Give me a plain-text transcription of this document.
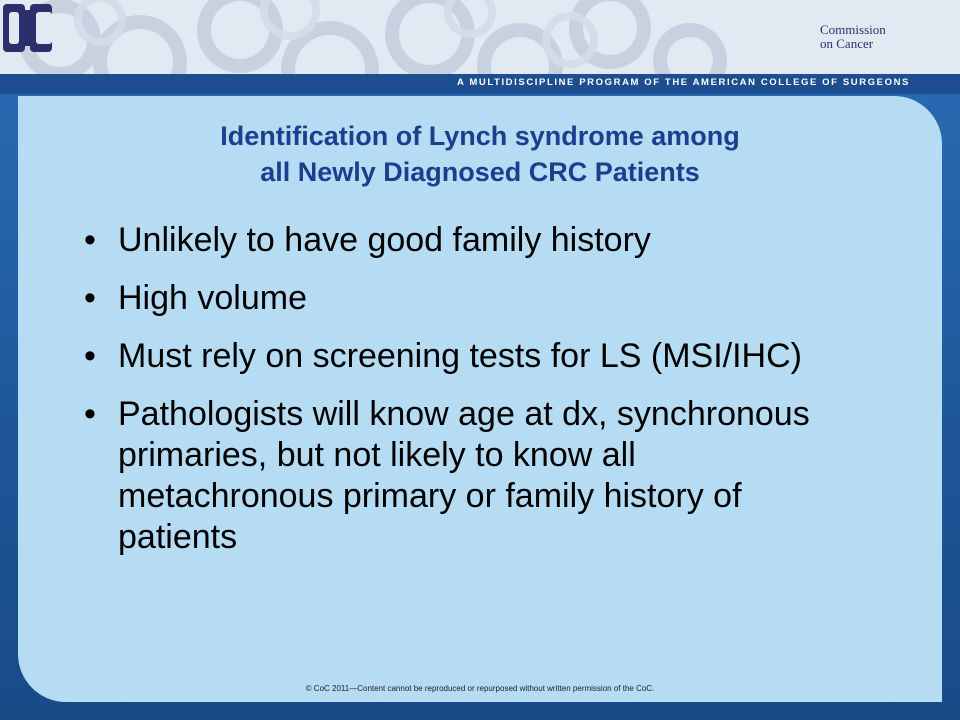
Commission
on Cancer
A MULTIDISCIPLINE PROGRAM OF THE AMERICAN COLLEGE OF SURGEONS
Identification of Lynch syndrome among
all Newly Diagnosed CRC Patients
• Unlikely to have good family history
• High volume
• Must rely on screening tests for LS (MSI/IHC)
• Pathologists will know age at dx, synchronous primaries, but not likely to know all metachronous primary or family history of patients
© CoC 2011—Content cannot be reproduced or repurposed without written permission of the CoC.
